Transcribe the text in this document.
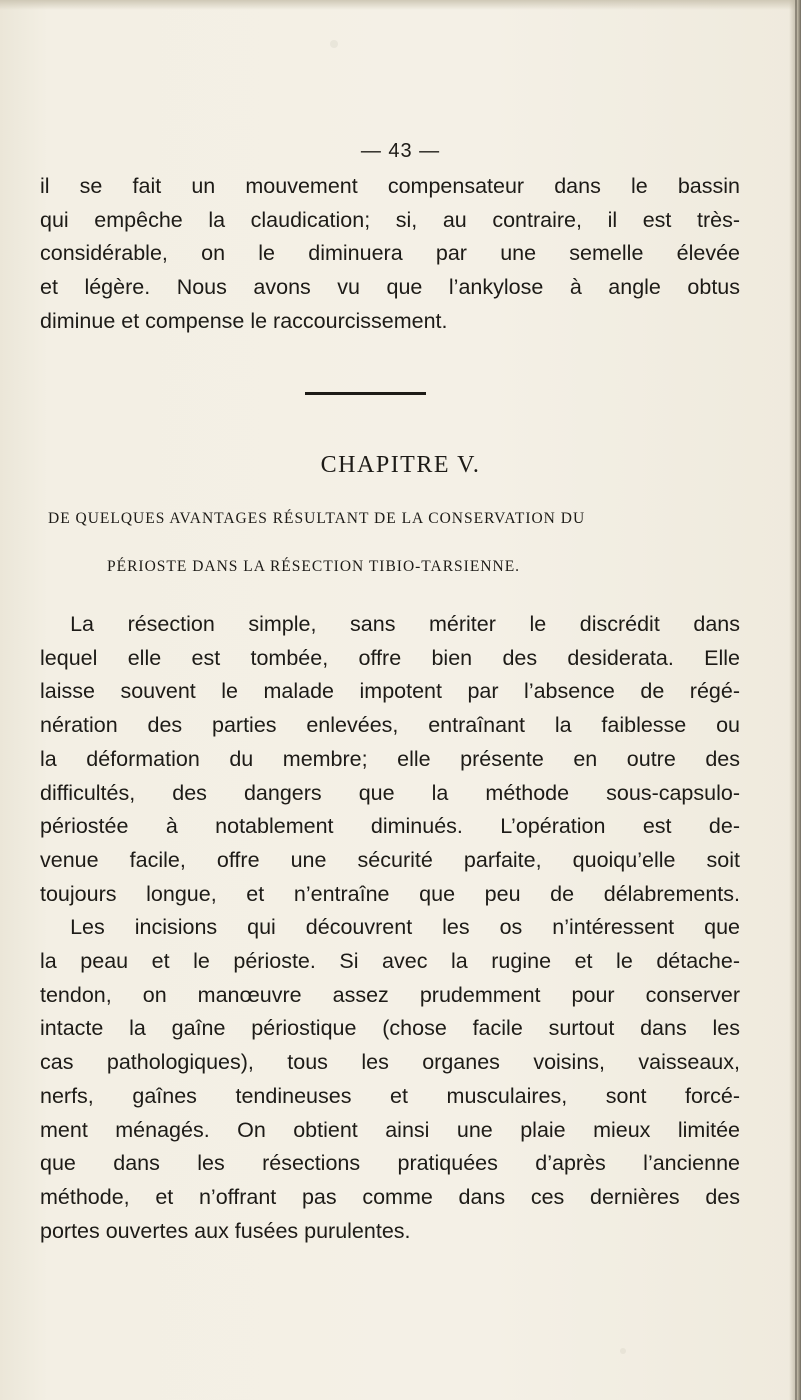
— 43 —

il se fait un mouvement compensateur dans le bassin
qui empêche la claudication; si, au contraire, il est très-
considérable, on le diminuera par une semelle élevée
et légère. Nous avons vu que l’ankylose à angle obtus
diminue et compense le raccourcissement.

CHAPITRE V.

DE QUELQUES AVANTAGES RÉSULTANT DE LA CONSERVATION DU

PÉRIOSTE DANS LA RÉSECTION TIBIO-TARSIENNE.

La résection simple, sans mériter le discrédit dans
lequel elle est tombée, offre bien des desiderata. Elle
laisse souvent le malade impotent par l’absence de régé-
nération des parties enlevées, entraînant la faiblesse ou
la déformation du membre; elle présente en outre des
difficultés, des dangers que la méthode sous-capsulo-
périostée à notablement diminués. L’opération est de-
venue facile, offre une sécurité parfaite, quoiqu’elle soit
toujours longue, et n’entraîne que peu de délabrements.
Les incisions qui découvrent les os n’intéressent que
la peau et le périoste. Si avec la rugine et le détache-
tendon, on manœuvre assez prudemment pour conserver
intacte la gaîne périostique (chose facile surtout dans les
cas pathologiques), tous les organes voisins, vaisseaux,
nerfs, gaînes tendineuses et musculaires, sont forcé-
ment ménagés. On obtient ainsi une plaie mieux limitée
que dans les résections pratiquées d’après l’ancienne
méthode, et n’offrant pas comme dans ces dernières des
portes ouvertes aux fusées purulentes.
